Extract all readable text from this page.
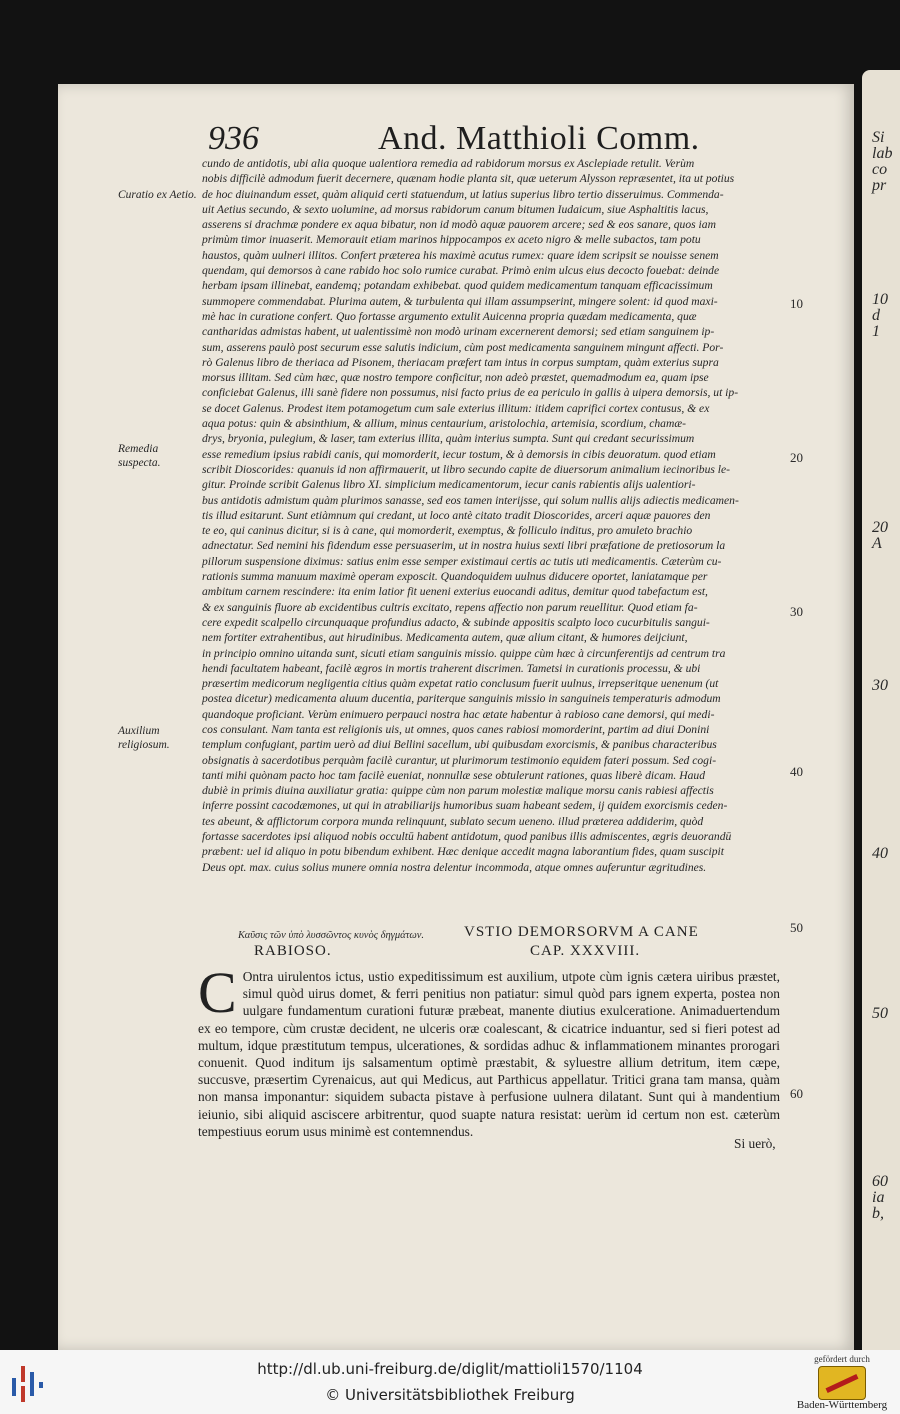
Si
lab
co
pr
10
d
1
20
A
30
40
50
60
ia
b,
936	And. Matthioli Comm.
Curatio ex Aetio.
Remedia suspecta.
Auxilium religiosum.
10
20
30
40
50
60

cundo de antidotis, ubi alia quoque ualentiora remedia ad rabidorum morsus ex Asclepiade retulit. Verùm

nobis difficilè admodum fuerit decernere, quænam hodie planta sit, quæ ueterum Alysson repræsentet, ita ut potius

de hoc diuinandum esset, quàm aliquid certi statuendum, ut latius superius libro tertio disseruimus. Commenda-

uit Aetius secundo, & sexto uolumine, ad morsus rabidorum canum bitumen Iudaicum, siue Asphaltitis lacus,

asserens si drachmæ pondere ex aqua bibatur, non id modò aquæ pauorem arcere; sed & eos sanare, quos iam

primùm timor inuaserit. Memorauit etiam marinos hippocampos ex aceto nigro & melle subactos, tam potu

haustos, quàm uulneri illitos. Confert præterea his maximè acutus rumex: quare idem scripsit se nouisse senem

quendam, qui demorsos à cane rabido hoc solo rumice curabat. Primò enim ulcus eius decocto fouebat: deinde

herbam ipsam illinebat, eandemq; potandam exhibebat. quod quidem medicamentum tanquam efficacissimum

summopere commendabat. Plurima autem, & turbulenta qui illam assumpserint, mingere solent: id quod maxi-

mè hac in curatione confert. Quo fortasse argumento extulit Auicenna propria quædam medicamenta, quæ

cantharidas admistas habent, ut ualentissimè non modò urinam excernerent demorsi; sed etiam sanguinem ip-

sum, asserens paulò post securum esse salutis indicium, cùm post medicamenta sanguinem mingunt affecti. Por-

rò Galenus libro de theriaca ad Pisonem, theriacam præfert tam intus in corpus sumptam, quàm exterius supra

morsus illitam. Sed cùm hæc, quæ nostro tempore conficitur, non adeò præstet, quemadmodum ea, quam ipse

conficiebat Galenus, illi sanè fidere non possumus, nisi facto prius de ea periculo in gallis à uipera demorsis, ut ip-

se docet Galenus. Prodest item potamogetum cum sale exterius illitum: itidem caprifici cortex contusus, & ex

aqua potus: quin & absinthium, & allium, minus centaurium, aristolochia, artemisia, scordium, chamæ-

drys, bryonia, pulegium, & laser, tam exterius illita, quàm interius sumpta. Sunt qui credant securissimum

esse remedium ipsius rabidi canis, qui momorderit, iecur tostum, & à demorsis in cibis deuoratum. quod etiam

scribit Dioscorides: quanuis id non affirmauerit, ut libro secundo capite de diuersorum animalium iecinoribus le-

gitur. Proinde scribit Galenus libro XI. simplicium medicamentorum, iecur canis rabientis alijs ualentiori-

bus antidotis admistum quàm plurimos sanasse, sed eos tamen interijsse, qui solum nullis alijs adiectis medicamen-

tis illud esitarunt. Sunt etiàmnum qui credant, ut loco antè citato tradit Dioscorides, arceri aquæ pauores den

te eo, qui caninus dicitur, si is à cane, qui momorderit, exemptus, & folliculo inditus, pro amuleto brachio

adnectatur. Sed nemini his fidendum esse persuaserim, ut in nostra huius sexti libri præfatione de pretiosorum la

pillorum suspensione diximus: satius enim esse semper existimaui certis ac tutis uti medicamentis. Cæterùm cu-

rationis summa manuum maximè operam exposcit. Quandoquidem uulnus diducere oportet, laniatamque per

ambitum carnem rescindere: ita enim latior fit ueneni exterius euocandi aditus, demitur quod tabefactum est,

& ex sanguinis fluore ab excidentibus cultris excitato, repens affectio non parum reuellitur. Quod etiam fa-

cere expedit scalpello circunquaque profundius adacto, & subinde appositis scalpto loco cucurbitulis sangui-

nem fortiter extrahentibus, aut hirudinibus. Medicamenta autem, quæ alium citant, & humores deijciunt,

in principio omnino uitanda sunt, sicuti etiam sanguinis missio. quippe cùm hæc à circunferentijs ad centrum tra

hendi facultatem habeant, facilè ægros in mortis traherent discrimen. Tametsi in curationis processu, & ubi

præsertim medicorum negligentia citius quàm expetat ratio conclusum fuerit uulnus, irrepseritque uenenum (ut

postea dicetur) medicamenta aluum ducentia, pariterque sanguinis missio in sanguineis temperaturis admodum

quandoque proficiant. Verùm enimuero perpauci nostra hac ætate habentur à rabioso cane demorsi, qui medi-

cos consulant. Nam tanta est religionis uis, ut omnes, quos canes rabiosi momorderint, partim ad diui Donini

templum confugiant, partim uerò ad diui Bellini sacellum, ubi quibusdam exorcismis, & panibus characteribus

obsignatis à sacerdotibus perquàm facilè curantur, ut plurimorum testimonio equidem fateri possum. Sed cogi-

tanti mihi quònam pacto hoc tam facilè eueniat, nonnullæ sese obtulerunt rationes, quas liberè dicam. Haud

dubiè in primis diuina auxiliatur gratia: quippe cùm non parum molestiæ malique morsu canis rabiesi affectis

inferre possint cacodæmones, ut qui in atrabiliarijs humoribus suam habeant sedem, ij quidem exorcismis ceden-

tes abeunt, & afflictorum corpora munda relinquunt, sublato secum ueneno. illud præterea addiderim, quòd

fortasse sacerdotes ipsi aliquod nobis occultū habent antidotum, quod panibus illis admiscentes, ægris deuorandū

præbent: uel id aliquo in potu bibendum exhibent. Hæc denique accedit magna laborantium fides, quam suscipit

Deus opt. max. cuius solius munere omnia nostra delentur incommoda, atque omnes auferuntur ægritudines.

Καῦσις τῶν ὑπὸ λυσσῶντος κυνὸς δηγμάτων.	VSTIO DEMORSORVM A CANE
RABIOSO.	CAP. XXXVIII.
C Ontra uirulentos ictus, ustio expeditissimum est auxilium, utpote cùm ignis cætera uiribus præstet, simul quòd uirus domet, & ferri penitius non patiatur: simul quòd pars ignem experta, postea non uulgare fundamentum curationi futuræ præbeat, manente diutius exulceratione. Animaduertendum ex eo tempore, cùm crustæ decident, ne ulceris oræ coalescant, & cicatrice induantur, sed si fieri potest ad multum, idque præstitutum tempus, ulcerationes, & sordidas adhuc & inflammationem minantes prorogari conuenit. Quod inditum ijs salsamentum optimè præstabit, & syluestre allium detritum, item cæpe, succusve, præsertim Cyrenaicus, aut qui Medicus, aut Parthicus appellatur. Tritici grana tam mansa, quàm non mansa imponantur: siquidem subacta pistave à perfusione uulnera dilatant. Sunt qui à mandentium ieiunio, sibi aliquid asciscere arbitrentur, quod suapte natura resistat: uerùm id certum non est. cæterùm tempestiuus eorum usus minimè est contemnendus.
Si uerò,
http://dl.ub.uni-freiburg.de/diglit/mattioli1570/1104
© Universitätsbibliothek Freiburg
gefördert durch
Baden-Württemberg
